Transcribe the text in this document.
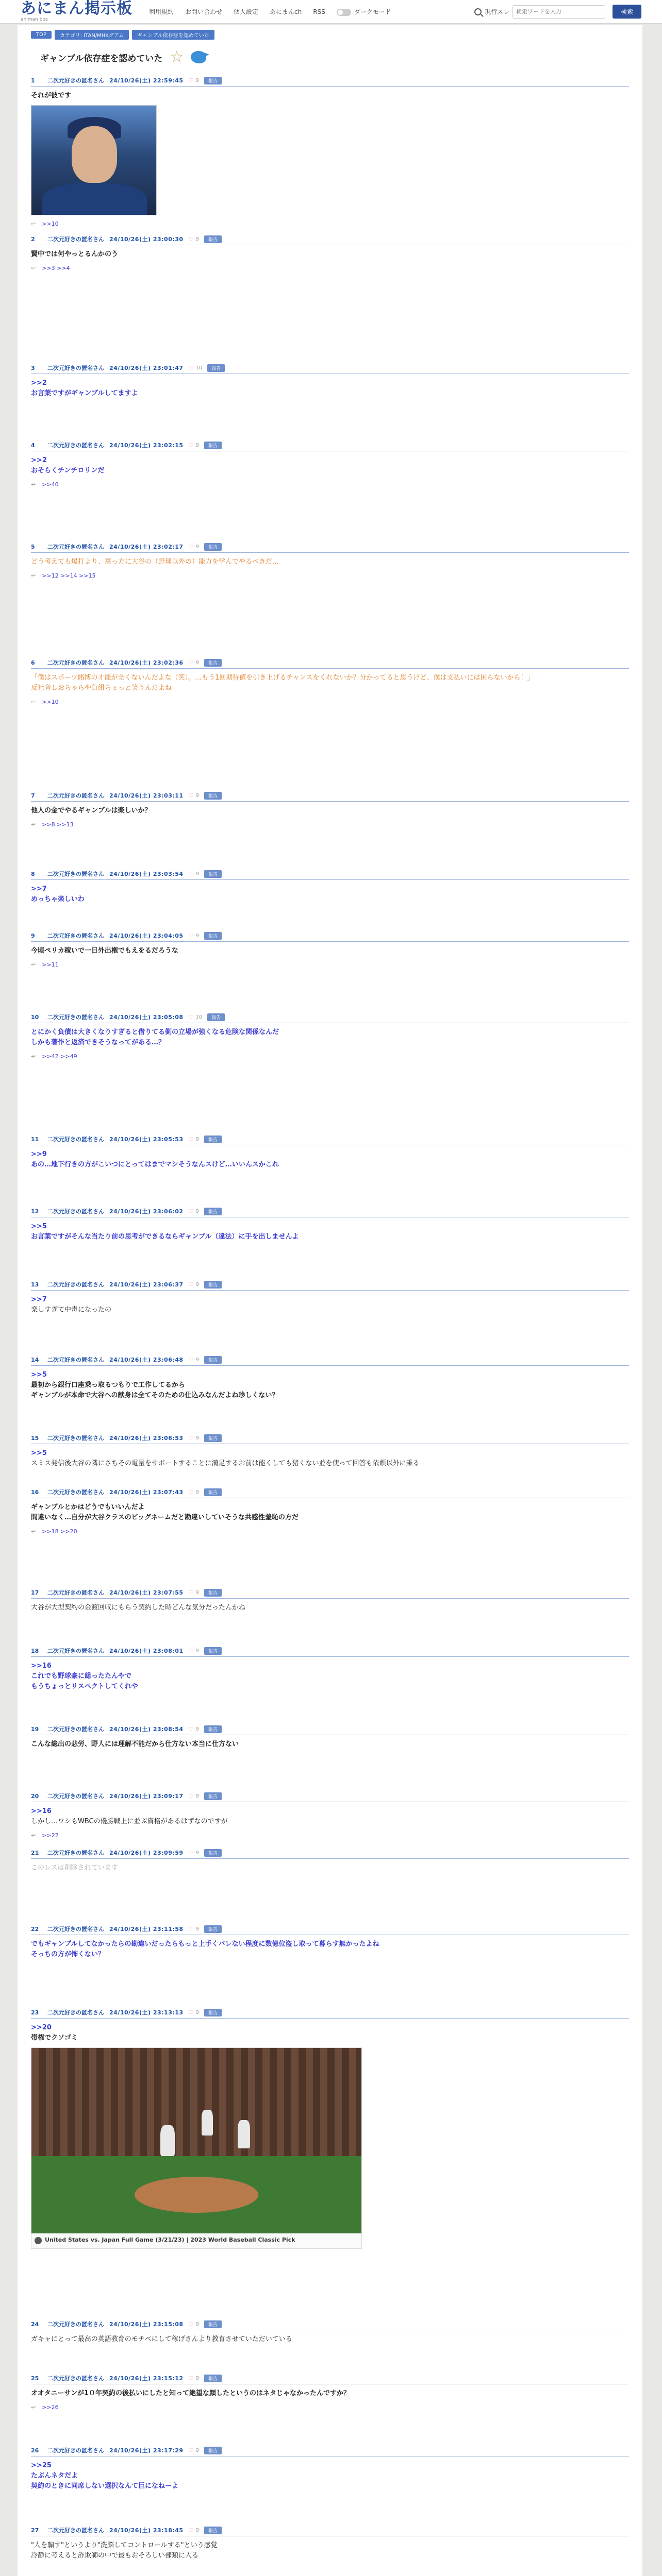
あにまん掲示板
animan bbs
利用規約 お問い合わせ 個人設定 あにまんch RSS	ダークモード	現行スレ
検索ワードを入力	検索
TOP	カテゴリ: ITAN/MHKグアム	ギャンブル依存症を認めていた
ギャンブル依存症を認めていた ☆
1	二次元好きの匿名さん 24/10/26(土) 22:59:45 ♡ 9	報告
それが彼です
↩ >>10
2	二次元好きの匿名さん 24/10/26(土) 23:00:30 ♡ 9	報告
賢中では何やっとるんかのう
↩ >>3 >>4
3	二次元好きの匿名さん 24/10/26(土) 23:01:47 ♡ 10	報告
>>2
お言葉ですがギャンブルしてますよ
4	二次元好きの匿名さん 24/10/26(土) 23:02:15 ♡ 9	報告
>>2
おそらくチンチロリンだ
↩ >>40
5	二次元好きの匿名さん 24/10/26(土) 23:02:17 ♡ 9	報告
どう考えても爆打より、裏っ方に大谷の（野球以外の）能力を学んでやるべきだ…
↩ >>12 >>14 >>15
6	二次元好きの匿名さん 24/10/26(土) 23:02:36 ♡ 9	報告
「僕はスポーツ賭博の才能が全くないんだよな（笑）。…もう1回期待値を引き上げるチャンスをくれないか？分かってると思うけど、僕は支払いには困らないから！」
反社脅しおちゃらや負組ちょっと笑うんだよね
↩ >>10
7	二次元好きの匿名さん 24/10/26(土) 23:03:11 ♡ 9	報告
他人の金でやるギャンブルは楽しいか？
↩ >>8 >>13
8	二次元好きの匿名さん 24/10/26(土) 23:03:54 ♡ 9	報告
>>7
めっちゃ楽しいわ
9	二次元好きの匿名さん 24/10/26(土) 23:04:05 ♡ 9	報告
今頃ペリカ稼いで一日外出権でもえをるだろうな
↩ >>11
10	二次元好きの匿名さん 24/10/26(土) 23:05:08 ♡ 10	報告
とにかく負債は大きくなりすぎると借りてる側の立場が強くなる危険な関係なんだ
しかも著作と返済できそうなってがある…？
↩ >>42 >>49
11	二次元好きの匿名さん 24/10/26(土) 23:05:53 ♡ 9	報告
>>9
あの…地下行きの方がこいつにとってはまでマシそうなんスけど…いいんスかこれ
12	二次元好きの匿名さん 24/10/26(土) 23:06:02 ♡ 9	報告
>>5
お言葉ですがそんな当たり前の思考ができるならギャンブル（違法）に手を出しませんよ
13	二次元好きの匿名さん 24/10/26(土) 23:06:37 ♡ 9	報告
>>7
楽しすぎて中毒になったの
14	二次元好きの匿名さん 24/10/26(土) 23:06:48 ♡ 9	報告
>>5
最初から銀行口座乗っ取るつもりで工作してるから
ギャンブルが本命で大谷への献身は全てそのための仕込みなんだよね珍しくない？
15	二次元好きの匿名さん 24/10/26(土) 23:06:53 ♡ 9	報告
>>5
スミス発信後大谷の隣にさちその電量をサポートすることに満足するお前は能くしても猪くない並を使って回答も依頼以外に乗る
16	二次元好きの匿名さん 24/10/26(土) 23:07:43 ♡ 9	報告
ギャンブルとかはどうでもいいんだよ
間違いなく…自分が大谷クラスのビッグネームだと勘違いしていそうな共感性羞恥の方だ
↩ >>18 >>20
17	二次元好きの匿名さん 24/10/26(土) 23:07:55 ♡ 9	報告
大谷が大型契約の金渡回収にもらう契約した時どんな気分だったんかね
18	二次元好きの匿名さん 24/10/26(土) 23:08:01 ♡ 9	報告
>>16
これでも野球豪に総ったたんやで
もうちょっとリスペクトしてくれや
19	二次元好きの匿名さん 24/10/26(土) 23:08:54 ♡ 9	報告
こんな総出の悲労、野人には理解不能だから仕方ない本当に仕方ない
20	二次元好きの匿名さん 24/10/26(土) 23:09:17 ♡ 9	報告
>>16
しかし…ワシもWBCの優勝戦上に並ぶ資格があるはずなのですが
↩ >>22
21	二次元好きの匿名さん 24/10/26(土) 23:09:59 ♡ 9	報告
このレスは削除されています
22	二次元好きの匿名さん 24/10/26(土) 23:11:58 ♡ 9	報告
でもギャンブルしてなかったらの勘違いだったらもっと上手くバレない程度に数億位盗し取って暮らす無かったよね
そっちの方が怖くない？
23	二次元好きの匿名さん 24/10/26(土) 23:13:13 ♡ 9	報告
>>20
帯権でクソゴミ
United States vs. Japan Full Game (3/21/23) | 2023 World Baseball Classic Pick
24	二次元好きの匿名さん 24/10/26(土) 23:15:08 ♡ 9	報告
ガキャにとって最高の英語教育のモチベにして稼げさんより教育させていただいている
25	二次元好きの匿名さん 24/10/26(土) 23:15:12 ♡ 9	報告
オオタニーサンが1０年契約の後払いにしたと知って絶望な顔したというのはネタじゃなかったんですか？
↩ >>26
26	二次元好きの匿名さん 24/10/26(土) 23:17:29 ♡ 9	報告
>>25
たぶんネタだよ
契約のときに同席しない選択なんて巨になねーよ
27	二次元好きの匿名さん 24/10/26(土) 23:18:45 ♡ 9	報告
"人を騙す"というより"洗脳してコントロールする"という感覚
冷静に考えると詐欺師の中で最もおそろしい部類に入る
